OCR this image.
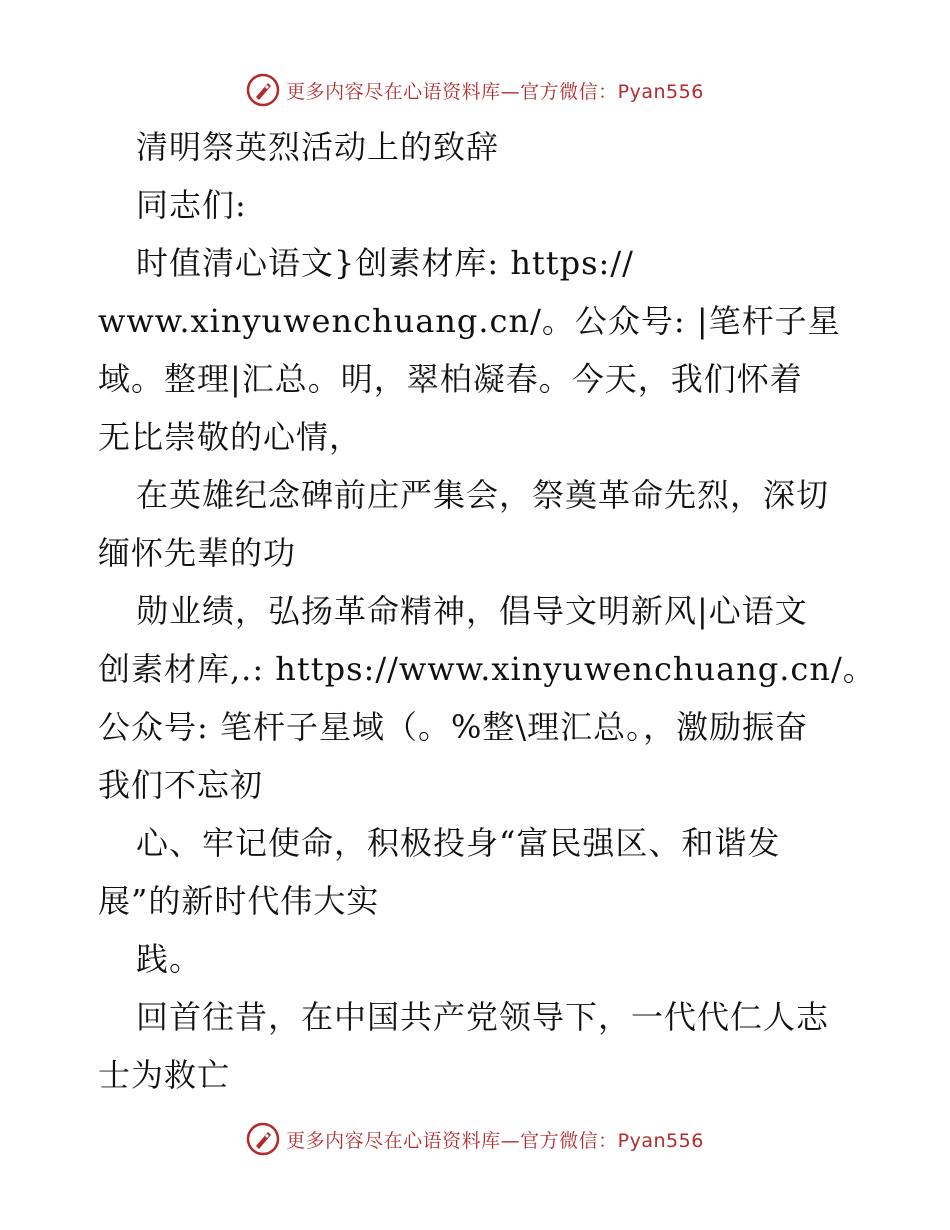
更多内容尽在心语资料库—官方微信：Pyan556
清明祭英烈活动上的致辞
同志们:
时值清心语文}创素材库: https://
www.xinyuwenchuang.cn/。公众号: |笔杆子星
域。整理|汇总。明，翠柏凝春。今天，我们怀着
无比崇敬的心情，
在英雄纪念碑前庄严集会，祭奠革命先烈，深切
缅怀先辈的功
勋业绩，弘扬革命精神，倡导文明新风|心语文
创素材库,.: https://www.xinyuwenchuang.cn/。
公众号: 笔杆子星域（。%整\理汇总。，激励振奋
我们不忘初
心、牢记使命，积极投身“富民强区、和谐发
展”的新时代伟大实
践。
回首往昔，在中国共产党领导下，一代代仁人志
士为救亡
更多内容尽在心语资料库—官方微信：Pyan556
